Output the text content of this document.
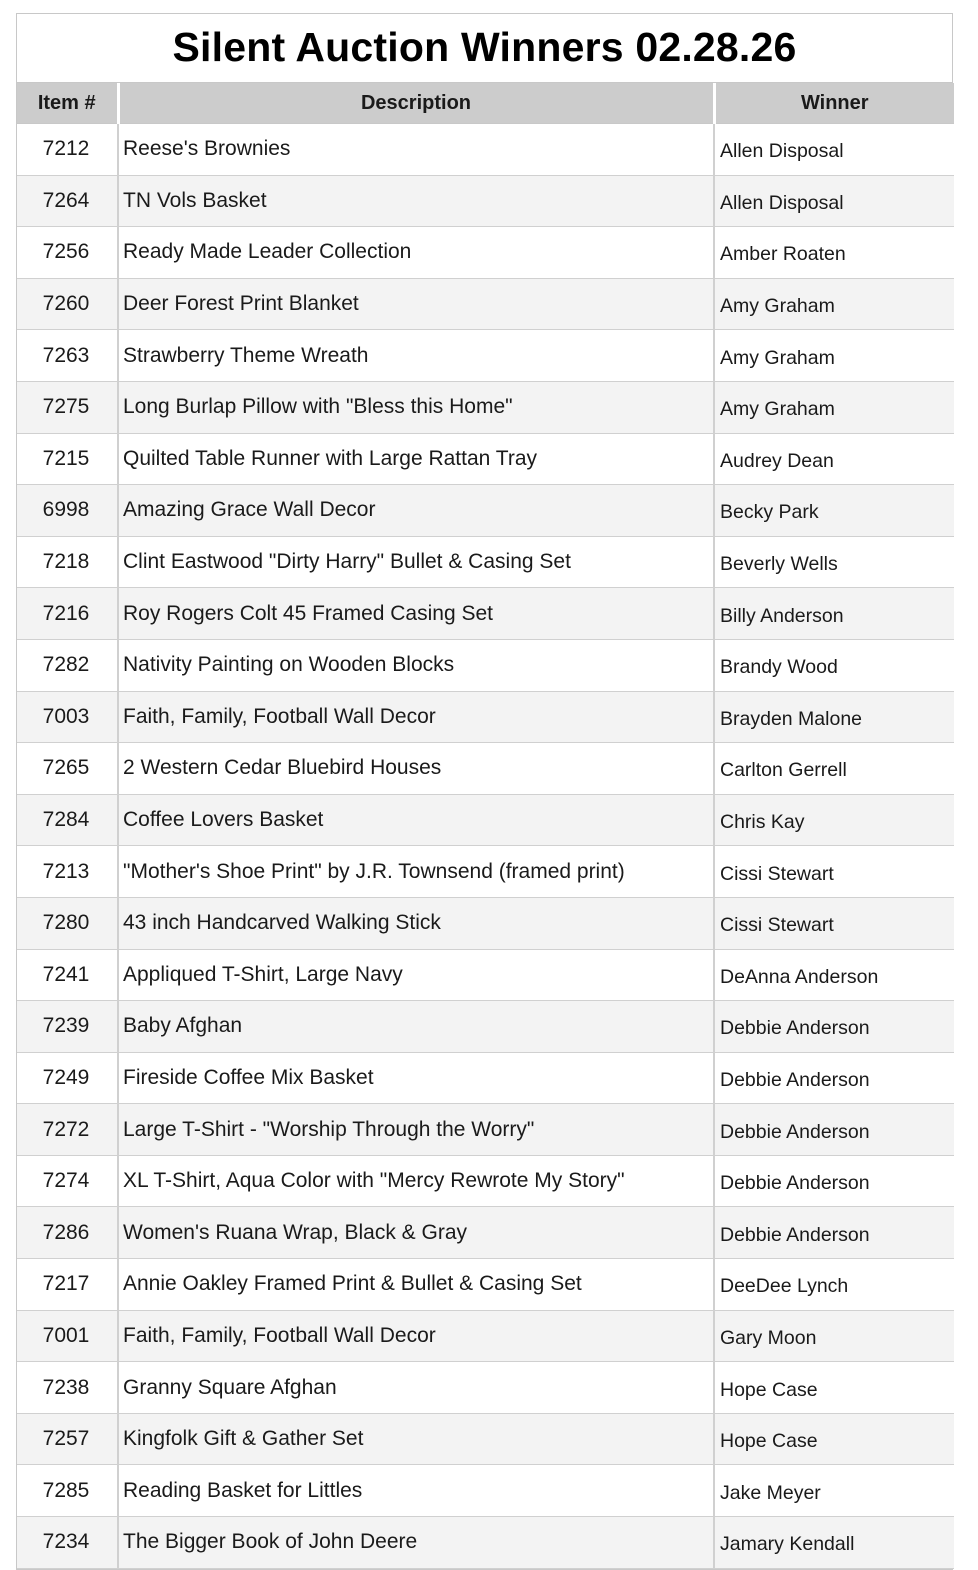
Silent Auction Winners 02.28.26
Item #	Description	Winner
7212	Reese's Brownies	Allen Disposal
7264	TN Vols Basket	Allen Disposal
7256	Ready Made Leader Collection	Amber Roaten
7260	Deer Forest Print Blanket	Amy Graham
7263	Strawberry Theme Wreath	Amy Graham
7275	Long Burlap Pillow with "Bless this Home"	Amy Graham
7215	Quilted Table Runner with Large Rattan Tray	Audrey Dean
6998	Amazing Grace Wall Decor	Becky Park
7218	Clint Eastwood "Dirty Harry" Bullet & Casing Set	Beverly Wells
7216	Roy Rogers Colt 45 Framed Casing Set	Billy Anderson
7282	Nativity Painting on Wooden Blocks	Brandy Wood
7003	Faith, Family, Football Wall Decor	Brayden Malone
7265	2 Western Cedar Bluebird Houses	Carlton Gerrell
7284	Coffee Lovers Basket	Chris Kay
7213	"Mother's Shoe Print" by J.R. Townsend (framed print)	Cissi Stewart
7280	43 inch Handcarved Walking Stick	Cissi Stewart
7241	Appliqued T-Shirt, Large Navy	DeAnna Anderson
7239	Baby Afghan	Debbie Anderson
7249	Fireside Coffee Mix Basket	Debbie Anderson
7272	Large T-Shirt - "Worship Through the Worry"	Debbie Anderson
7274	XL T-Shirt, Aqua Color with "Mercy Rewrote My Story"	Debbie Anderson
7286	Women's Ruana Wrap, Black & Gray	Debbie Anderson
7217	Annie Oakley Framed Print & Bullet & Casing Set	DeeDee Lynch
7001	Faith, Family, Football Wall Decor	Gary Moon
7238	Granny Square Afghan	Hope Case
7257	Kingfolk Gift & Gather Set	Hope Case
7285	Reading Basket for Littles	Jake Meyer
7234	The Bigger Book of John Deere	Jamary Kendall
